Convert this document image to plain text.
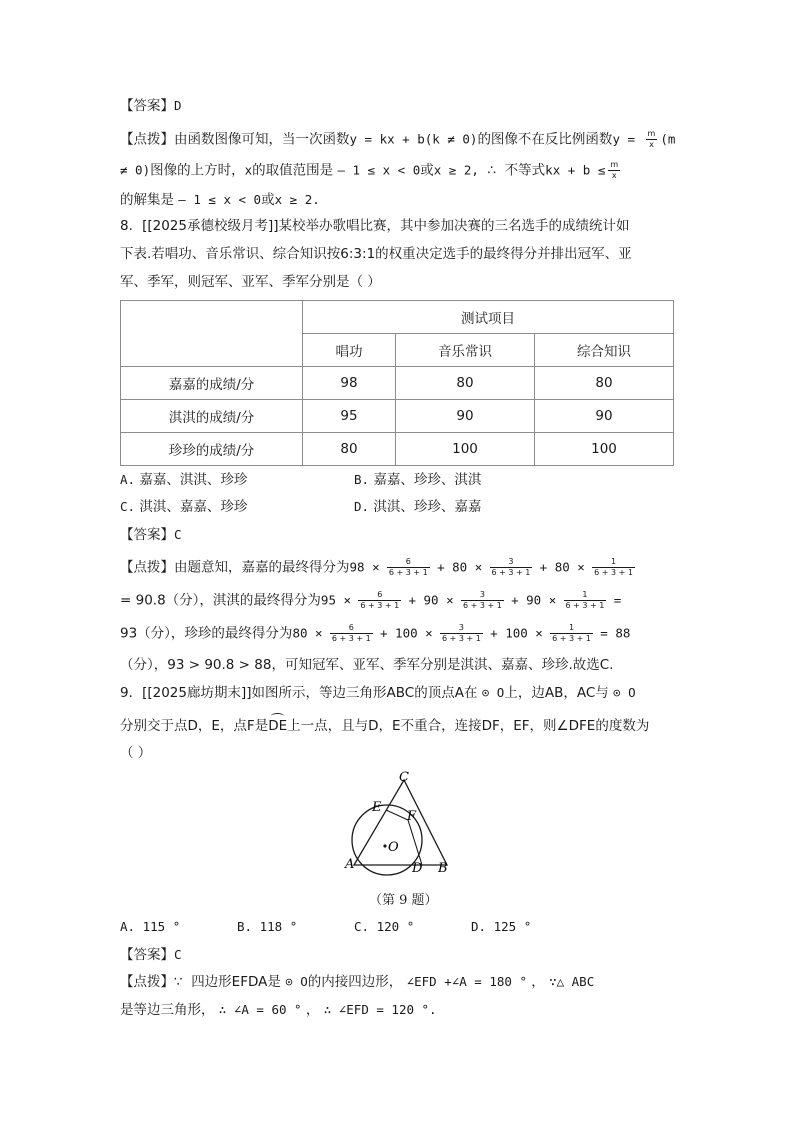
【答案】D
【点拨】由函数图像可知，当一次函数y = kx + b(k ≠ 0)的图像不在反比例函数$y = \frac{m}{x} (m$
≠ 0)图像的上方时，x的取值范围是 – 1 ≤ x < 0或x ≥ 2, ∴ 不等式kx + $b \le \frac{m}{x}$
的解集是 – 1 ≤ x < 0或x ≥ 2.
8．[[2025承德校级月考]]某校举办歌唱比赛，其中参加决赛的三名选手的成绩统计如
下表.若唱功、音乐常识、综合知识按6:3:1的权重决定选手的最终得分并排出冠军、亚
军、季军，则冠军、亚军、季军分别是（ ）
	测试项目		
	唱功	音乐常识	综合知识
嘉嘉的成绩/分	98	80	80
淇淇的成绩/分	95	90	90
珍珍的成绩/分	80	100	100
A. 嘉嘉、淇淇、珍珍	B. 嘉嘉、珍珍、淇淇
C. 淇淇、嘉嘉、珍珍	D. 淇淇、珍珍、嘉嘉
【答案】C
【点拨】由题意知，嘉嘉的最终得分为$98 \times \frac{6}{6 + 3 + 1} + 80 \times \frac{3}{6 + 3 + 1} + 80 \times \frac{1}{6 + 3 + 1}$
= 90.8（分），淇淇的最终得分为$95 \times \frac{6}{6 + 3 + 1} + 90 \times \frac{3}{6 + 3 + 1} + 90 \times \frac{1}{6 + 3 + 1}$ =
93（分），珍珍的最终得分为$80 \times \frac{6}{6 + 3 + 1} + 100 \times \frac{3}{6 + 3 + 1} + 100 \times \frac{1}{6 + 3 + 1} = 88$
（分），93 > 90.8 > 88，可知冠军、亚军、季军分别是淇淇、嘉嘉、珍珍.故选C.
9．[[2025廊坊期末]]如图所示，等边三角形ABC的顶点A在 ⊙ O上，边AB，AC与 ⊙ O
分别交于点D，E，点F是DE上一点，且与D，E不重合，连接DF，EF，则∠DFE的度数为
（ ）
C
E
F
O
A	D B
（第 9 题）
A. 115 °	B. 118 °	C. 120 °	D. 125 °
【答案】C
【点拨】∵ 四边形EFDA是 ⊙ O的内接四边形， ∠EFD +∠A = 180 ° ， ∵△ ABC
是等边三角形， ∴ ∠A = 60 ° ， ∴ ∠EFD = 120 °.
